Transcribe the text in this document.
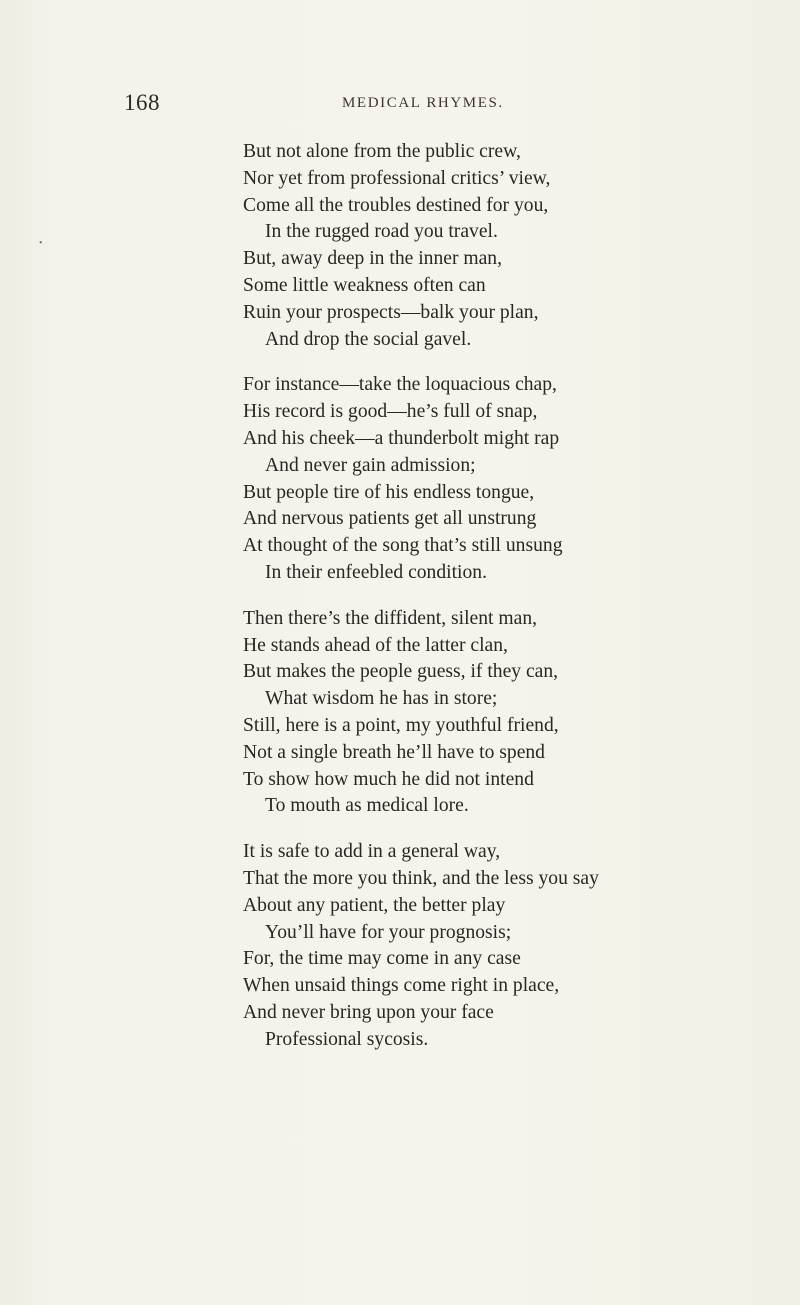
168	MEDICAL RHYMES.
•
But not alone from the public crew,
Nor yet from professional critics’ view,
Come all the troubles destined for you,
In the rugged road you travel.
But, away deep in the inner man,
Some little weakness often can
Ruin your prospects—balk your plan,
And drop the social gavel.
For instance—take the loquacious chap,
His record is good—he’s full of snap,
And his cheek—a thunderbolt might rap
And never gain admission;
But people tire of his endless tongue,
And nervous patients get all unstrung
At thought of the song that’s still unsung
In their enfeebled condition.
Then there’s the diffident, silent man,
He stands ahead of the latter clan,
But makes the people guess, if they can,
What wisdom he has in store;
Still, here is a point, my youthful friend,
Not a single breath he’ll have to spend
To show how much he did not intend
To mouth as medical lore.
It is safe to add in a general way,
That the more you think, and the less you say
About any patient, the better play
You’ll have for your prognosis;
For, the time may come in any case
When unsaid things come right in place,
And never bring upon your face
Professional sycosis.
